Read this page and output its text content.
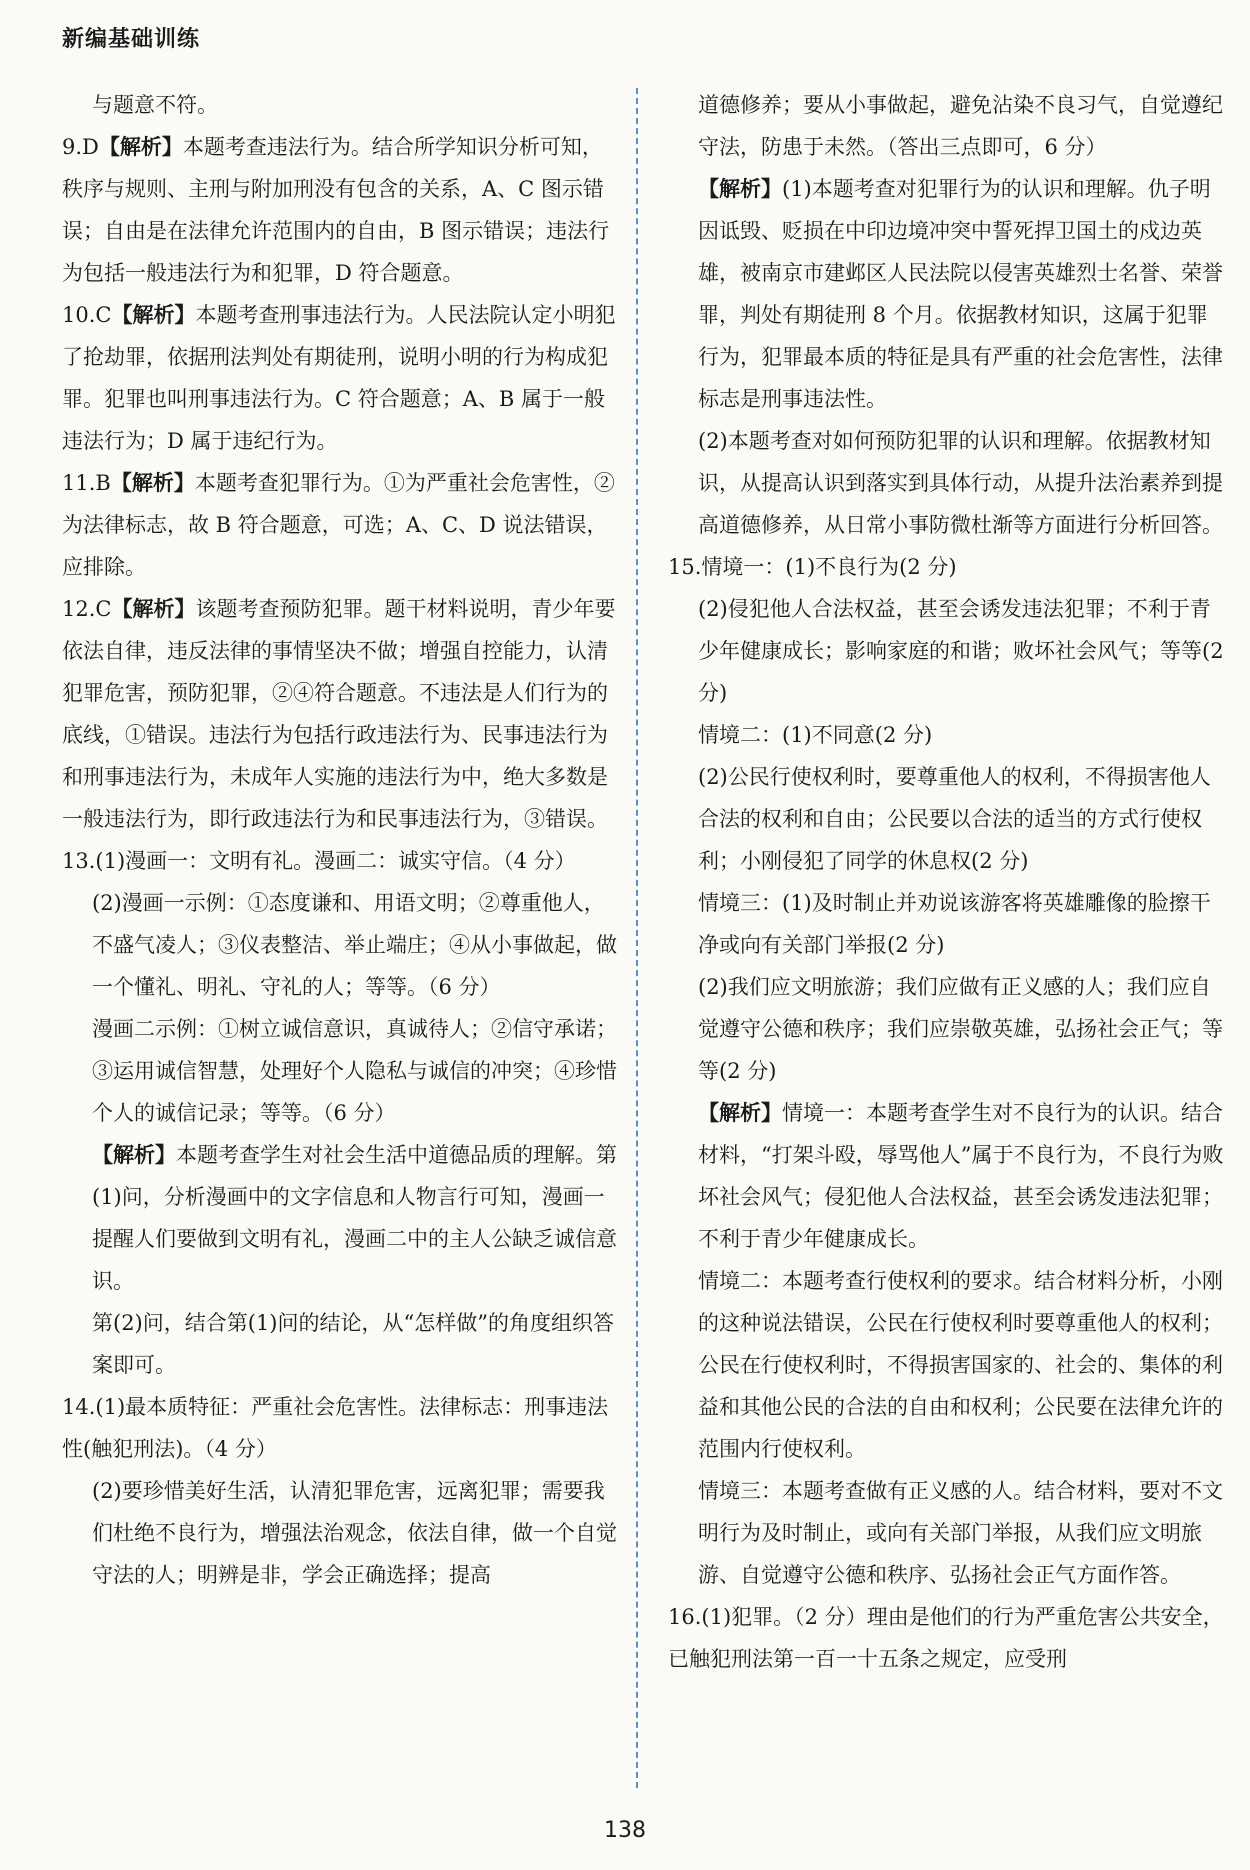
新编基础训练

与题意不符。

9.D【解析】本题考查违法行为。结合所学知识分析可知，秩序与规则、主刑与附加刑没有包含的关系，A、C 图示错误；自由是在法律允许范围内的自由，B 图示错误；违法行为包括一般违法行为和犯罪，D 符合题意。

10.C【解析】本题考查刑事违法行为。人民法院认定小明犯了抢劫罪，依据刑法判处有期徒刑，说明小明的行为构成犯罪。犯罪也叫刑事违法行为。C 符合题意；A、B 属于一般违法行为；D 属于违纪行为。

11.B【解析】本题考查犯罪行为。①为严重社会危害性，②为法律标志，故 B 符合题意，可选；A、C、D 说法错误，应排除。

12.C【解析】该题考查预防犯罪。题干材料说明，青少年要依法自律，违反法律的事情坚决不做；增强自控能力，认清犯罪危害，预防犯罪，②④符合题意。不违法是人们行为的底线，①错误。违法行为包括行政违法行为、民事违法行为和刑事违法行为，未成年人实施的违法行为中，绝大多数是一般违法行为，即行政违法行为和民事违法行为，③错误。

13.(1)漫画一：文明有礼。漫画二：诚实守信。（4 分）

(2)漫画一示例：①态度谦和、用语文明；②尊重他人，不盛气凌人；③仪表整洁、举止端庄；④从小事做起，做一个懂礼、明礼、守礼的人；等等。（6 分）

漫画二示例：①树立诚信意识，真诚待人；②信守承诺；③运用诚信智慧，处理好个人隐私与诚信的冲突；④珍惜个人的诚信记录；等等。（6 分）

【解析】本题考查学生对社会生活中道德品质的理解。第(1)问，分析漫画中的文字信息和人物言行可知，漫画一提醒人们要做到文明有礼，漫画二中的主人公缺乏诚信意识。

第(2)问，结合第(1)问的结论，从“怎样做”的角度组织答案即可。

14.(1)最本质特征：严重社会危害性。法律标志：刑事违法性(触犯刑法)。（4 分）

(2)要珍惜美好生活，认清犯罪危害，远离犯罪；需要我们杜绝不良行为，增强法治观念，依法自律，做一个自觉守法的人；明辨是非，学会正确选择；提高

道德修养；要从小事做起，避免沾染不良习气，自觉遵纪守法，防患于未然。（答出三点即可，6 分）

【解析】(1)本题考查对犯罪行为的认识和理解。仇子明因诋毁、贬损在中印边境冲突中誓死捍卫国土的戍边英雄，被南京市建邺区人民法院以侵害英雄烈士名誉、荣誉罪，判处有期徒刑 8 个月。依据教材知识，这属于犯罪行为，犯罪最本质的特征是具有严重的社会危害性，法律标志是刑事违法性。

(2)本题考查对如何预防犯罪的认识和理解。依据教材知识，从提高认识到落实到具体行动，从提升法治素养到提高道德修养，从日常小事防微杜渐等方面进行分析回答。

15.情境一：(1)不良行为(2 分)

(2)侵犯他人合法权益，甚至会诱发违法犯罪；不利于青少年健康成长；影响家庭的和谐；败坏社会风气；等等(2 分)

情境二：(1)不同意(2 分)

(2)公民行使权利时，要尊重他人的权利，不得损害他人合法的权利和自由；公民要以合法的适当的方式行使权利；小刚侵犯了同学的休息权(2 分)

情境三：(1)及时制止并劝说该游客将英雄雕像的脸擦干净或向有关部门举报(2 分)

(2)我们应文明旅游；我们应做有正义感的人；我们应自觉遵守公德和秩序；我们应崇敬英雄，弘扬社会正气；等等(2 分)

【解析】情境一：本题考查学生对不良行为的认识。结合材料，“打架斗殴，辱骂他人”属于不良行为，不良行为败坏社会风气；侵犯他人合法权益，甚至会诱发违法犯罪；不利于青少年健康成长。

情境二：本题考查行使权利的要求。结合材料分析，小刚的这种说法错误，公民在行使权利时要尊重他人的权利；公民在行使权利时，不得损害国家的、社会的、集体的利益和其他公民的合法的自由和权利；公民要在法律允许的范围内行使权利。

情境三：本题考查做有正义感的人。结合材料，要对不文明行为及时制止，或向有关部门举报，从我们应文明旅游、自觉遵守公德和秩序、弘扬社会正气方面作答。

16.(1)犯罪。（2 分）理由是他们的行为严重危害公共安全，已触犯刑法第一百一十五条之规定，应受刑

138
